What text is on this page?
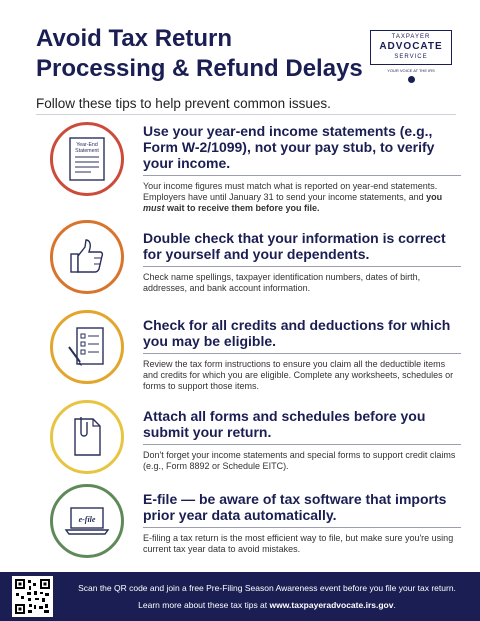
Avoid Tax Return Processing & Refund Delays
TAXPAYER
ADVOCATE
SERVICE
YOUR VOICE AT THE IRS
Follow these tips to help prevent common issues.
Year-End
Statement
Use your year-end income statements (e.g., Form W-2/1099), not your pay stub, to verify your income.
Your income figures must match what is reported on year-end statements. Employers have until January 31 to send your income statements, and you must wait to receive them before you file.
Double check that your information is correct for yourself and your dependents.
Check name spellings, taxpayer identification numbers, dates of birth, addresses, and bank account information.
Check for all credits and deductions for which you may be eligible.
Review the tax form instructions to ensure you claim all the deductible items and credits for which you are eligible. Complete any worksheets, schedules or forms to support those items.
Attach all forms and schedules before you submit your return.
Don't forget your income statements and special forms to support credit claims (e.g., Form 8892 or Schedule EITC).
e-file
E-file — be aware of tax software that imports prior year data automatically.
E-filing a tax return is the most efficient way to file, but make sure you're using current tax year data to avoid mistakes.
Scan the QR code and join a free Pre-Filing Season Awareness event before you file your tax return.
Learn more about these tax tips at www.taxpayeradvocate.irs.gov.
